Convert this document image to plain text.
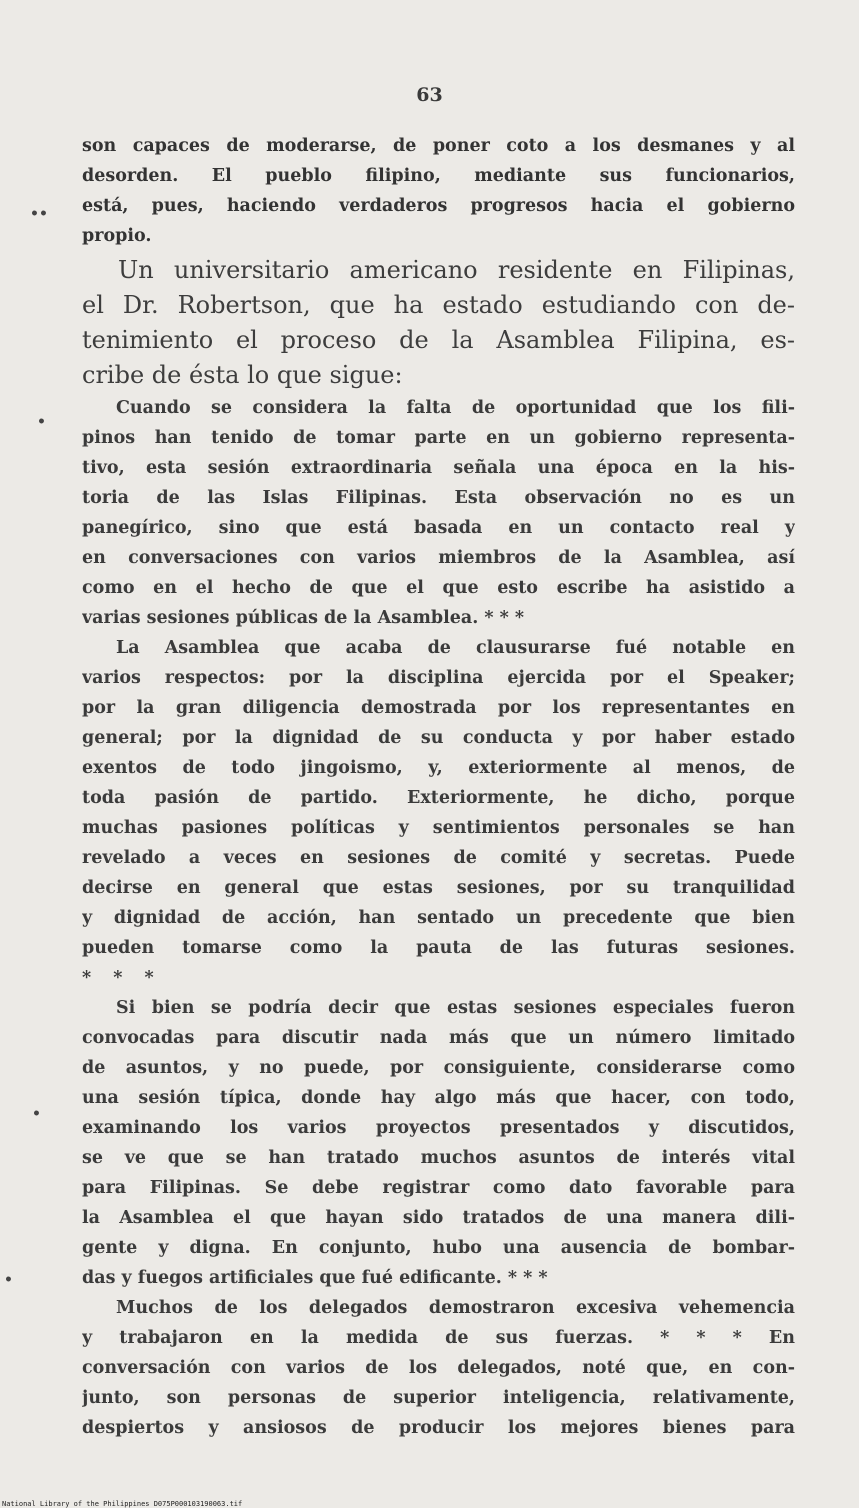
63
••
•
•
•
son capaces de moderarse, de poner coto a los desmanes y al
desorden. El pueblo filipino, mediante sus funcionarios,
está, pues, haciendo verdaderos progresos hacia el gobierno
propio.
Un universitario americano residente en Filipinas,
el Dr. Robertson, que ha estado estudiando con de-
tenimiento el proceso de la Asamblea Filipina, es-
cribe de ésta lo que sigue:
Cuando se considera la falta de oportunidad que los fili-
pinos han tenido de tomar parte en un gobierno representa-
tivo, esta sesión extraordinaria señala una época en la his-
toria de las Islas Filipinas. Esta observación no es un
panegírico, sino que está basada en un contacto real y
en conversaciones con varios miembros de la Asamblea, así
como en el hecho de que el que esto escribe ha asistido a
varias sesiones públicas de la Asamblea. * * *
La Asamblea que acaba de clausurarse fué notable en
varios respectos: por la disciplina ejercida por el Speaker;
por la gran diligencia demostrada por los representantes en
general; por la dignidad de su conducta y por haber estado
exentos de todo jingoismo, y, exteriormente al menos, de
toda pasión de partido. Exteriormente, he dicho, porque
muchas pasiones políticas y sentimientos personales se han
revelado a veces en sesiones de comité y secretas. Puede
decirse en general que estas sesiones, por su tranquilidad
y dignidad de acción, han sentado un precedente que bien
pueden tomarse como la pauta de las futuras sesiones.
* * *
Si bien se podría decir que estas sesiones especiales fueron
convocadas para discutir nada más que un número limitado
de asuntos, y no puede, por consiguiente, considerarse como
una sesión típica, donde hay algo más que hacer, con todo,
examinando los varios proyectos presentados y discutidos,
se ve que se han tratado muchos asuntos de interés vital
para Filipinas. Se debe registrar como dato favorable para
la Asamblea el que hayan sido tratados de una manera dili-
gente y digna. En conjunto, hubo una ausencia de bombar-
das y fuegos artificiales que fué edificante. * * *
Muchos de los delegados demostraron excesiva vehemencia
y trabajaron en la medida de sus fuerzas. * * * En
conversación con varios de los delegados, noté que, en con-
junto, son personas de superior inteligencia, relativamente,
despiertos y ansiosos de producir los mejores bienes para
National Library of the Philippines D075P000103190063.tif
